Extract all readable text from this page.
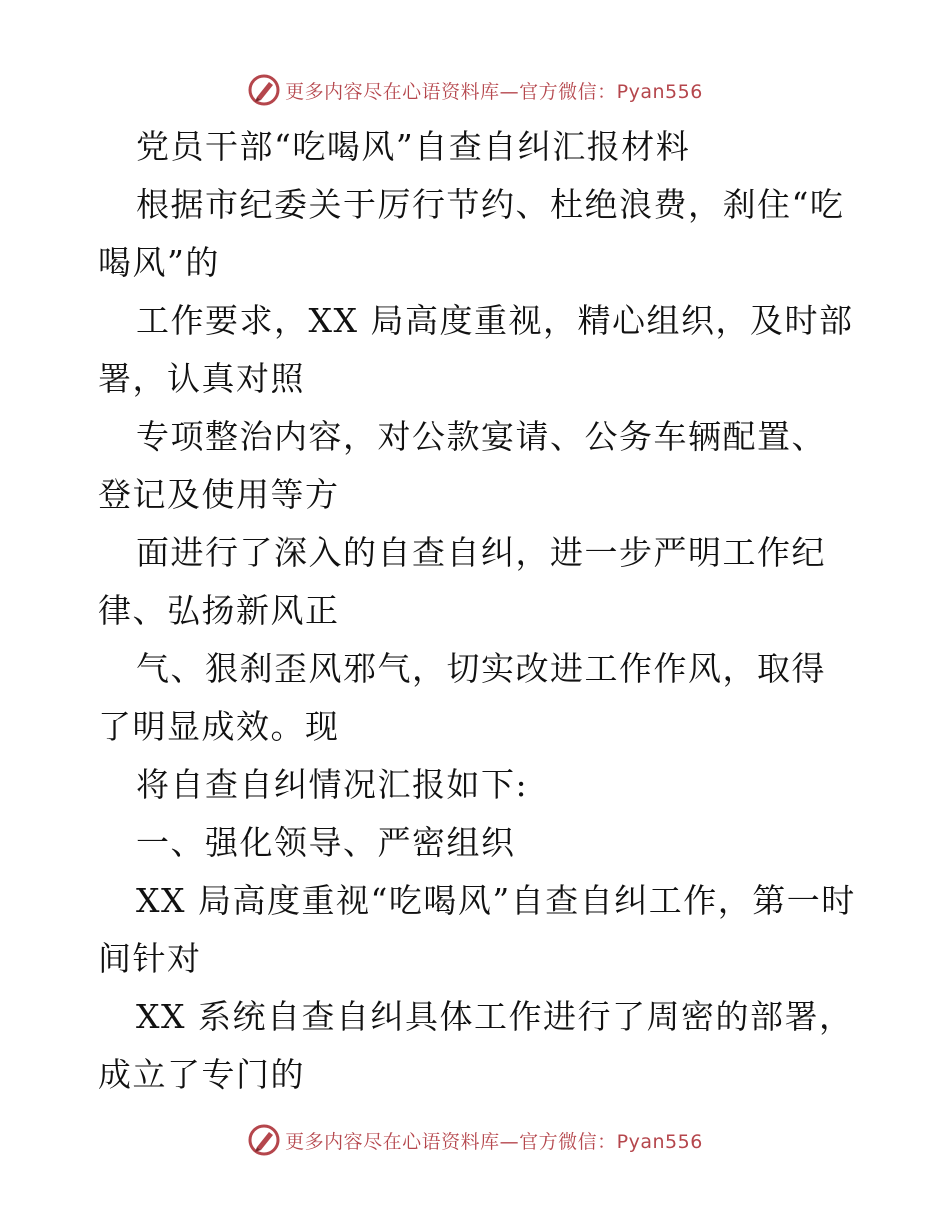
更多内容尽在心语资料库—官方微信：Pyan556

党员干部“吃喝风”自查自纠汇报材料

根据市纪委关于厉行节约、杜绝浪费，刹住“吃喝风”的

工作要求，XX 局高度重视，精心组织，及时部署，认真对照

专项整治内容，对公款宴请、公务车辆配置、登记及使用等方

面进行了深入的自查自纠，进一步严明工作纪律、弘扬新风正

气、狠刹歪风邪气，切实改进工作作风，取得了明显成效。现

将自查自纠情况汇报如下:

一、强化领导、严密组织

XX 局高度重视“吃喝风”自查自纠工作，第一时间针对

XX 系统自查自纠具体工作进行了周密的部署，成立了专门的

更多内容尽在心语资料库—官方微信：Pyan556
